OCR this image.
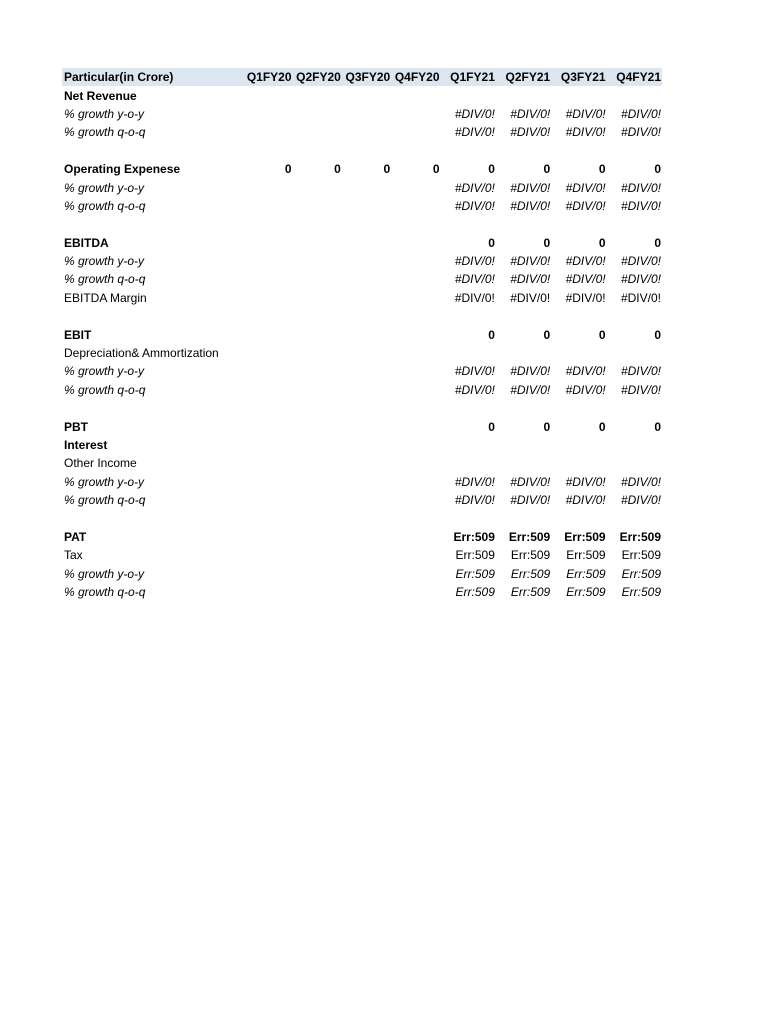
Particular(in Crore)	Q1FY20	Q2FY20	Q3FY20	Q4FY20	Q1FY21	Q2FY21	Q3FY21	Q4FY21
Net Revenue								
% growth y-o-y					#DIV/0!	#DIV/0!	#DIV/0!	#DIV/0!
% growth q-o-q					#DIV/0!	#DIV/0!	#DIV/0!	#DIV/0!

Operating Expenese	0	0	0	0	0	0	0	0
% growth y-o-y					#DIV/0!	#DIV/0!	#DIV/0!	#DIV/0!
% growth q-o-q					#DIV/0!	#DIV/0!	#DIV/0!	#DIV/0!

EBITDA					0	0	0	0
% growth y-o-y					#DIV/0!	#DIV/0!	#DIV/0!	#DIV/0!
% growth q-o-q					#DIV/0!	#DIV/0!	#DIV/0!	#DIV/0!
EBITDA Margin					#DIV/0!	#DIV/0!	#DIV/0!	#DIV/0!

EBIT					0	0	0	0
Depreciation& Ammortization								
% growth y-o-y					#DIV/0!	#DIV/0!	#DIV/0!	#DIV/0!
% growth q-o-q					#DIV/0!	#DIV/0!	#DIV/0!	#DIV/0!

PBT					0	0	0	0
Interest								
Other Income								
% growth y-o-y					#DIV/0!	#DIV/0!	#DIV/0!	#DIV/0!
% growth q-o-q					#DIV/0!	#DIV/0!	#DIV/0!	#DIV/0!

PAT					Err:509	Err:509	Err:509	Err:509
Tax					Err:509	Err:509	Err:509	Err:509
% growth y-o-y					Err:509	Err:509	Err:509	Err:509
% growth q-o-q					Err:509	Err:509	Err:509	Err:509
